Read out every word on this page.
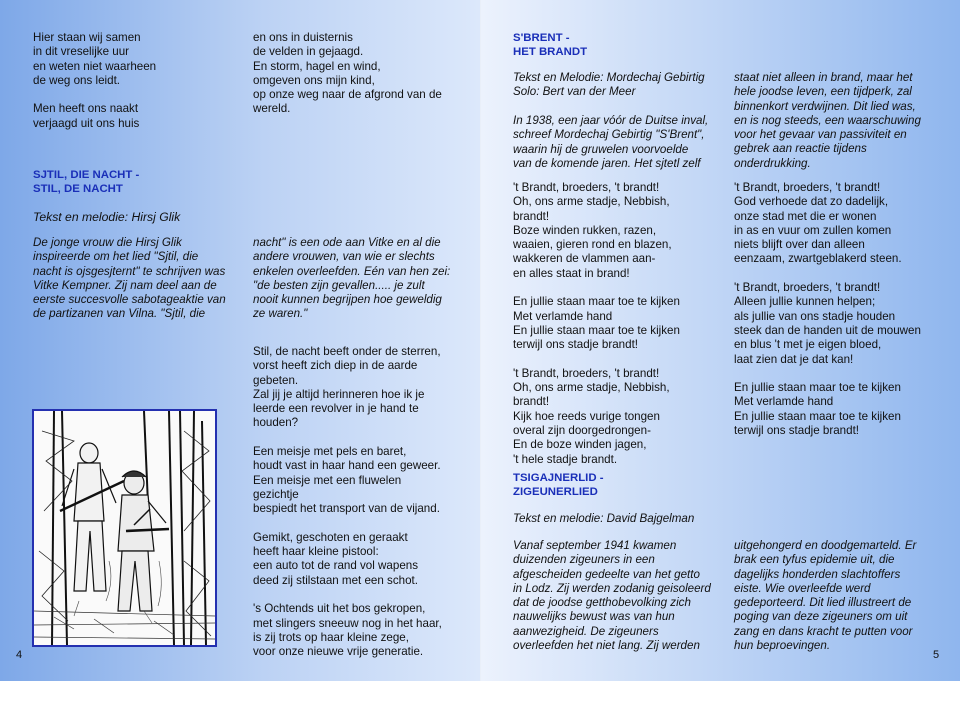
Hier staan wij samen
in dit vreselijke uur
en weten niet waarheen
de weg ons leidt.

Men heeft ons naakt
verjaagd uit ons huis

en ons in duisternis
de velden in gejaagd.
En storm, hagel en wind,
omgeven ons mijn kind,
op onze weg naar de afgrond van de
wereld.

SJTIL, DIE NACHT -
STIL, DE NACHT

Tekst en melodie: Hirsj Glik

De jonge vrouw die Hirsj Glik
inspireerde om het lied "Sjtil, die
nacht is ojsgesjternt" te schrijven was
Vitke Kempner. Zij nam deel aan de
eerste succesvolle sabotageaktie van
de partizanen van Vilna. "Sjtil, die

nacht" is een ode aan Vitke en al die
andere vrouwen, van wie er slechts
enkelen overleefden. Eén van hen zei:
"de besten zijn gevallen..... je zult
nooit kunnen begrijpen hoe geweldig
ze waren."

Stil, de nacht beeft onder de sterren,
vorst heeft zich diep in de aarde
gebeten.
Zal jij je altijd herinneren hoe ik je
leerde een revolver in je hand te
houden?

Een meisje met pels en baret,
houdt vast in haar hand een geweer.
Een meisje met een fluwelen
gezichtje
bespiedt het transport van de vijand.

Gemikt, geschoten en geraakt
heeft haar kleine pistool:
een auto tot de rand vol wapens
deed zij stilstaan met een schot.

's Ochtends uit het bos gekropen,
met slingers sneeuw nog in het haar,
is zij trots op haar kleine zege,
voor onze nieuwe vrije generatie.

4

S'BRENT -
HET BRANDT

Tekst en Melodie: Mordechaj Gebirtig
Solo: Bert van der Meer

In 1938, een jaar vóór de Duitse inval,
schreef Mordechaj Gebirtig "S'Brent",
waarin hij de gruwelen voorvoelde
van de komende jaren. Het sjtetl zelf

staat niet alleen in brand, maar het
hele joodse leven, een tijdperk, zal
binnenkort verdwijnen. Dit lied was,
en is nog steeds, een waarschuwing
voor het gevaar van passiviteit en
gebrek aan reactie tijdens
onderdrukking.

't Brandt, broeders, 't brandt!
Oh, ons arme stadje, Nebbish,
brandt!
Boze winden rukken, razen,
waaien, gieren rond en blazen,
wakkeren de vlammen aan-
en alles staat in brand!

En jullie staan maar toe te kijken
Met verlamde hand
En jullie staan maar toe te kijken
terwijl ons stadje brandt!

't Brandt, broeders, 't brandt!
Oh, ons arme stadje, Nebbish,
brandt!
Kijk hoe reeds vurige tongen
overal zijn doorgedrongen-
En de boze winden jagen,
't hele stadje brandt.

't Brandt, broeders, 't brandt!
God verhoede dat zo dadelijk,
onze stad met die er wonen
in as en vuur om zullen komen
niets blijft over dan alleen
eenzaam, zwartgeblakerd steen.

't Brandt, broeders, 't brandt!
Alleen jullie kunnen helpen;
als jullie van ons stadje houden
steek dan de handen uit de mouwen
en blus 't met je eigen bloed,
laat zien dat je dat kan!

En jullie staan maar toe te kijken
Met verlamde hand
En jullie staan maar toe te kijken
terwijl ons stadje brandt!

TSIGAJNERLID -
ZIGEUNERLIED

Tekst en melodie: David Bajgelman

Vanaf september 1941 kwamen
duizenden zigeuners in een
afgescheiden gedeelte van het getto
in Lodz. Zij werden zodanig geisoleerd
dat de joodse getthobevolking zich
nauwelijks bewust was van hun
aanwezigheid. De zigeuners
overleefden het niet lang. Zij werden

uitgehongerd en doodgemarteld. Er
brak een tyfus epidemie uit, die
dagelijks honderden slachtoffers
eiste. Wie overleefde werd
gedeporteerd. Dit lied illustreert de
poging van deze zigeuners om uit
zang en dans kracht te putten voor
hun beproevingen.

5
